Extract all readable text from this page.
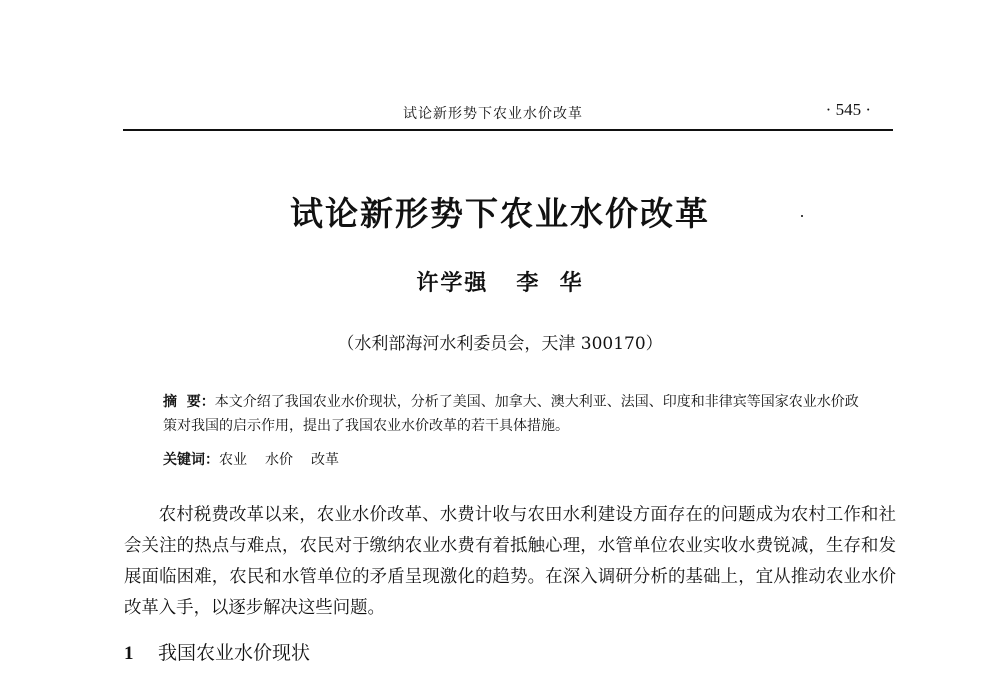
试论新形势下农业水价改革	· 545 ·
试论新形势下农业水价改革
许学强 李  华
（水利部海河水利委员会，天津 300170）
摘  要：本文介绍了我国农业水价现状，分析了美国、加拿大、澳大利亚、法国、印度和非律宾等国家农业水价政策对我国的启示作用，提出了我国农业水价改革的若干具体措施。
关键词：农业 水价 改革
农村税费改革以来，农业水价改革、水费计收与农田水利建设方面存在的问题成为农村工作和社会关注的热点与难点，农民对于缴纳农业水费有着抵触心理，水管单位农业实收水费锐减，生存和发展面临困难，农民和水管单位的矛盾呈现激化的趋势。在深入调研分析的基础上，宜从推动农业水价改革入手，以逐步解决这些问题。
1 我国农业水价现状
